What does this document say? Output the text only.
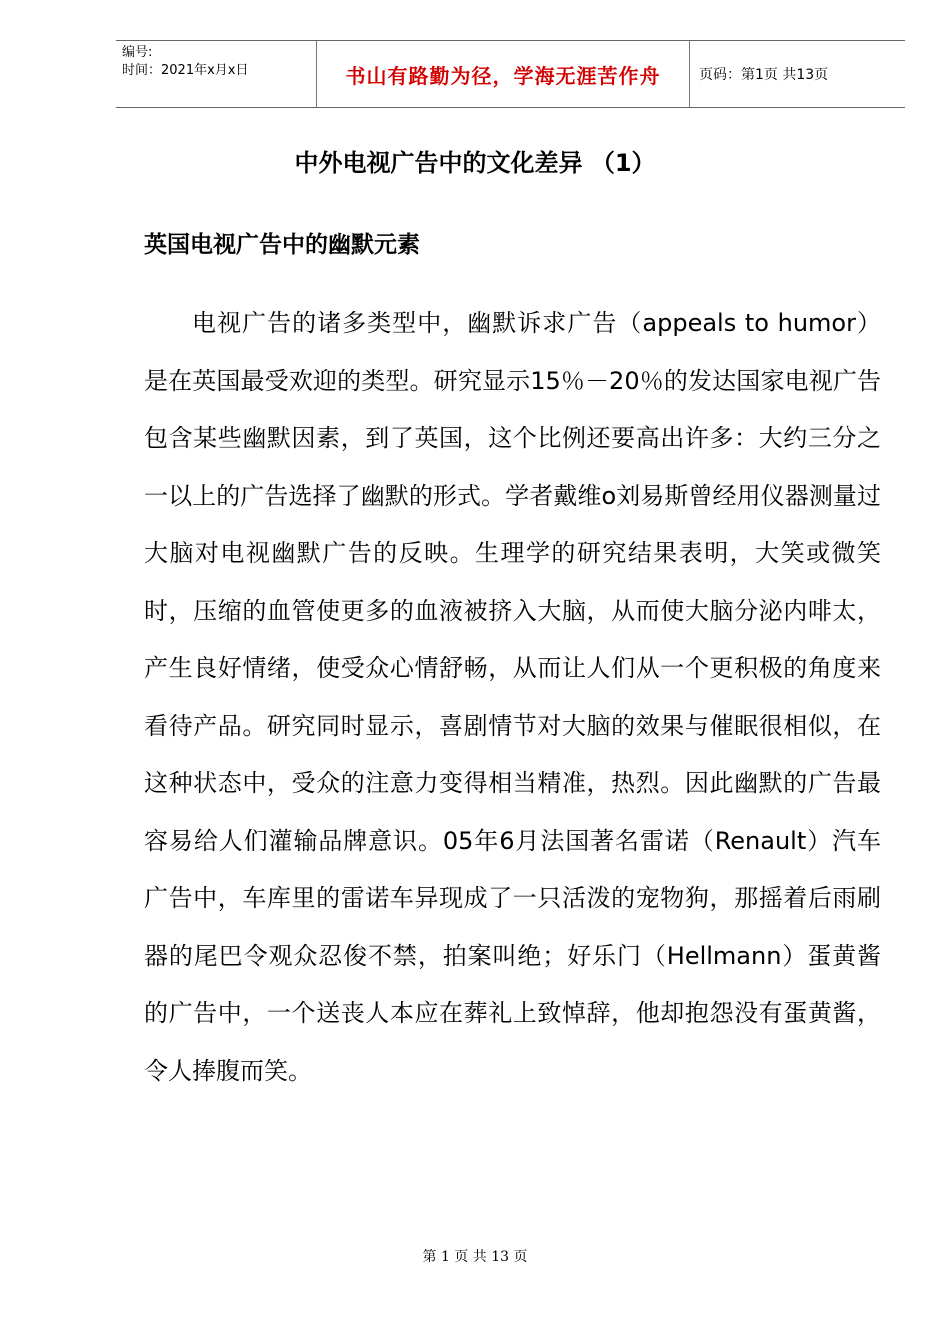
编号:
时间：2021年x月x日	书山有路勤为径，学海无涯苦作舟	页码：第1页 共13页
中外电视广告中的文化差异 （1）
英国电视广告中的幽默元素

电视广告的诸多类型中，幽默诉求广告（appeals to humor）是在英国最受欢迎的类型。研究显示15％－20％的发达国家电视广告包含某些幽默因素，到了英国，这个比例还要高出许多：大约三分之一以上的广告选择了幽默的形式。学者戴维o刘易斯曾经用仪器测量过大脑对电视幽默广告的反映。生理学的研究结果表明，大笑或微笑时，压缩的血管使更多的血液被挤入大脑，从而使大脑分泌内啡太，产生良好情绪，使受众心情舒畅，从而让人们从一个更积极的角度来看待产品。研究同时显示，喜剧情节对大脑的效果与催眠很相似，在这种状态中，受众的注意力变得相当精准，热烈。因此幽默的广告最容易给人们灌输品牌意识。05年6月法国著名雷诺（Renault）汽车广告中，车库里的雷诺车异现成了一只活泼的宠物狗，那摇着后雨刷器的尾巴令观众忍俊不禁，拍案叫绝；好乐门（Hellmann）蛋黄酱的广告中，一个送丧人本应在葬礼上致悼辞，他却抱怨没有蛋黄酱，令人捧腹而笑。

第 1 页 共 13 页
